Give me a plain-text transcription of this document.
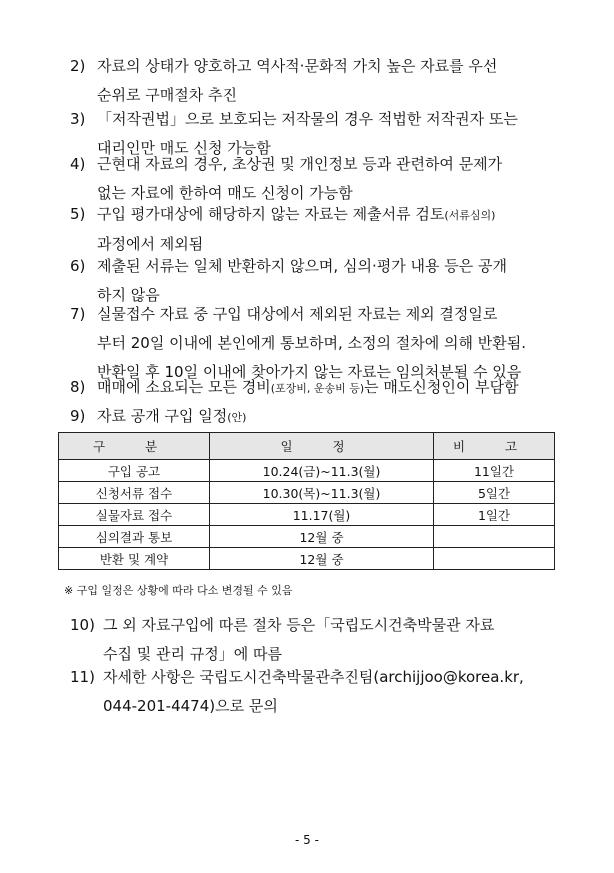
2) 자료의 상태가 양호하고 역사적·문화적 가치 높은 자료를 우선
순위로 구매절차 추진
3) 「저작권법」으로 보호되는 저작물의 경우 적법한 저작권자 또는
대리인만 매도 신청 가능함
4) 근현대 자료의 경우, 초상권 및 개인정보 등과 관련하여 문제가
없는 자료에 한하여 매도 신청이 가능함
5) 구입 평가대상에 해당하지 않는 자료는 제출서류 검토(서류심의)
과정에서 제외됨
6) 제출된 서류는 일체 반환하지 않으며, 심의·평가 내용 등은 공개
하지 않음
7) 실물접수 자료 중 구입 대상에서 제외된 자료는 제외 결정일로
부터 20일 이내에 본인에게 통보하며, 소정의 절차에 의해 반환됨.
반환일 후 10일 이내에 찾아가지 않는 자료는 임의처분될 수 있음
8) 매매에 소요되는 모든 경비(포장비, 운송비 등)는 매도신청인이 부담함
9) 자료 공개 구입 일정(안)
구 분	일 정	비 고
구입 공고	10.24(금)~11.3(월)	11일간
신청서류 접수	10.30(목)~11.3(월)	5일간
실물자료 접수	11.17(월)	1일간
심의결과 통보	12월 중	
반환 및 계약	12월 중	
※ 구입 일정은 상황에 따라 다소 변경될 수 있음
10) 그 외 자료구입에 따른 절차 등은「국립도시건축박물관 자료
수집 및 관리 규정」에 따름
11) 자세한 사항은 국립도시건축박물관추진팀(archijjoo@korea.kr,
044-201-4474)으로 문의
- 5 -
